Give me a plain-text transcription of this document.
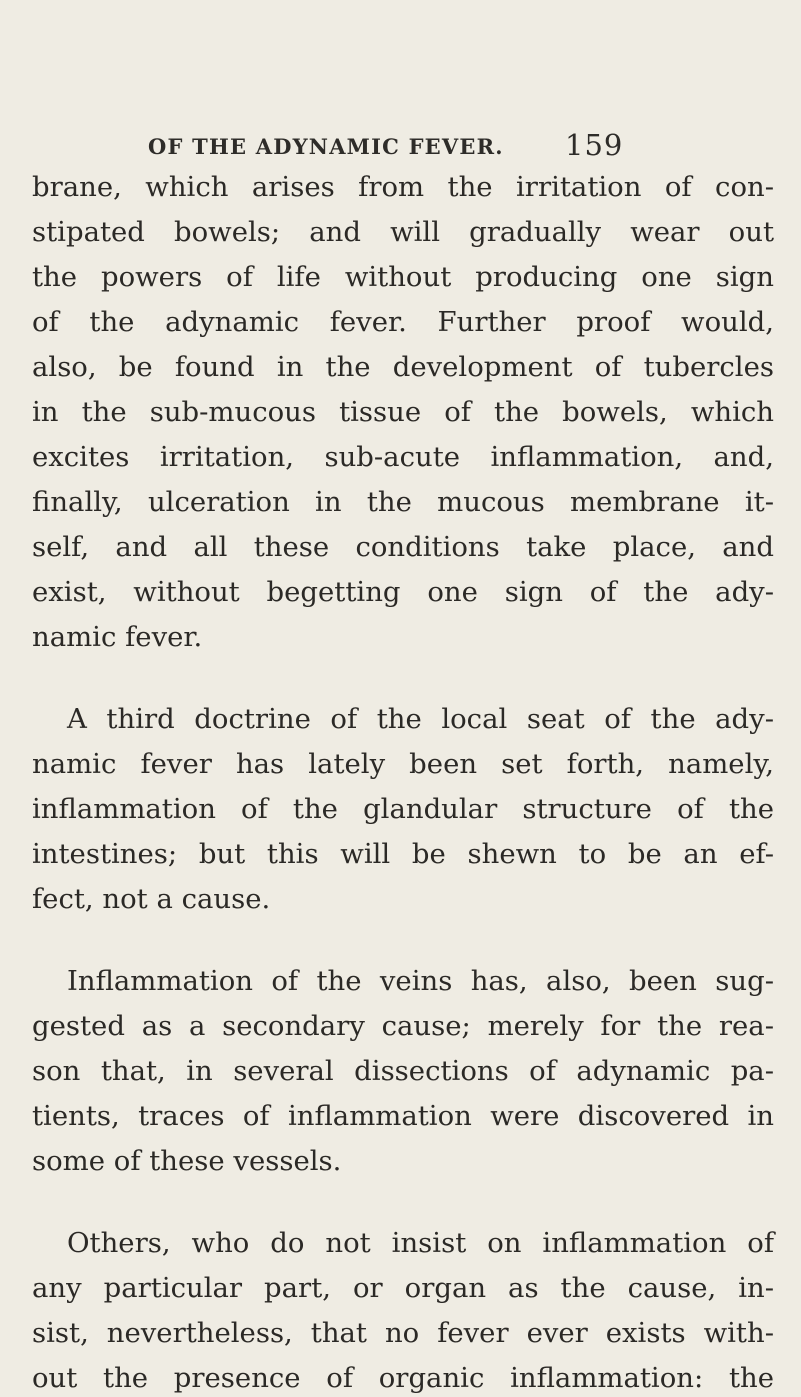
OF THE ADYNAMIC FEVER. 159
brane, which arises from the irritation of con-
stipated bowels; and will gradually wear out
the powers of life without producing one sign
of the adynamic fever. Further proof would,
also, be found in the development of tubercles
in the sub-mucous tissue of the bowels, which
excites irritation, sub-acute inflammation, and,
finally, ulceration in the mucous membrane it-
self, and all these conditions take place, and
exist, without begetting one sign of the ady-
namic fever.
A third doctrine of the local seat of the ady-
namic fever has lately been set forth, namely,
inflammation of the glandular structure of the
intestines; but this will be shewn to be an ef-
fect, not a cause.
Inflammation of the veins has, also, been sug-
gested as a secondary cause; merely for the rea-
son that, in several dissections of adynamic pa-
tients, traces of inflammation were discovered in
some of these vessels.
Others, who do not insist on inflammation of
any particular part, or organ as the cause, in-
sist, nevertheless, that no fever ever exists with-
out the presence of organic inflammation: the
